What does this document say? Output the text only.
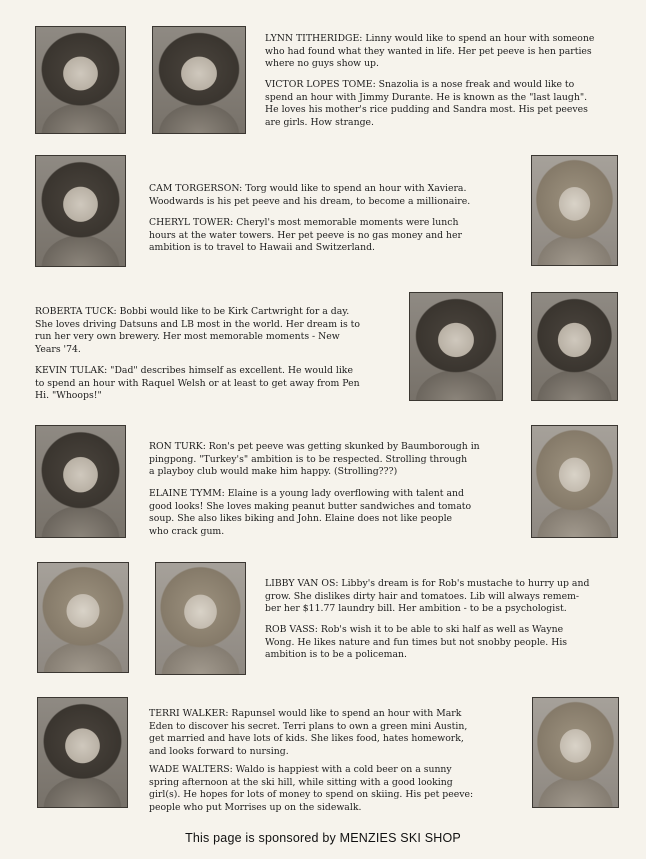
LYNN TITHERIDGE: Linny would like to spend an hour with someone
who had found what they wanted in life. Her pet peeve is hen parties
where no guys show up.
VICTOR LOPES TOME: Snazolia is a nose freak and would like to
spend an hour with Jimmy Durante. He is known as the "last laugh".
He loves his mother's rice pudding and Sandra most. His pet peeves
are girls. How strange.
CAM TORGERSON: Torg would like to spend an hour with Xaviera.
Woodwards is his pet peeve and his dream, to become a millionaire.
CHERYL TOWER: Cheryl's most memorable moments were lunch
hours at the water towers. Her pet peeve is no gas money and her
ambition is to travel to Hawaii and Switzerland.
ROBERTA TUCK: Bobbi would like to be Kirk Cartwright for a day.
She loves driving Datsuns and LB most in the world. Her dream is to
run her very own brewery. Her most memorable moments - New
Years '74.
KEVIN TULAK: "Dad" describes himself as excellent. He would like
to spend an hour with Raquel Welsh or at least to get away from Pen
Hi. "Whoops!"
RON TURK: Ron's pet peeve was getting skunked by Baumborough in
pingpong. "Turkey's" ambition is to be respected. Strolling through
a playboy club would make him happy. (Strolling???)
ELAINE TYMM: Elaine is a young lady overflowing with talent and
good looks! She loves making peanut butter sandwiches and tomato
soup. She also likes biking and John. Elaine does not like people
who crack gum.
LIBBY VAN OS: Libby's dream is for Rob's mustache to hurry up and
grow. She dislikes dirty hair and tomatoes. Lib will always remem-
ber her $11.77 laundry bill. Her ambition - to be a psychologist.
ROB VASS: Rob's wish it to be able to ski half as well as Wayne
Wong. He likes nature and fun times but not snobby people. His
ambition is to be a policeman.
TERRI WALKER: Rapunsel would like to spend an hour with Mark
Eden to discover his secret. Terri plans to own a green mini Austin,
get married and have lots of kids. She likes food, hates homework,
and looks forward to nursing.
WADE WALTERS: Waldo is happiest with a cold beer on a sunny
spring afternoon at the ski hill, while sitting with a good looking
girl(s). He hopes for lots of money to spend on skiing. His pet peeve:
people who put Morrises up on the sidewalk.
This page is sponsored by MENZIES SKI SHOP
